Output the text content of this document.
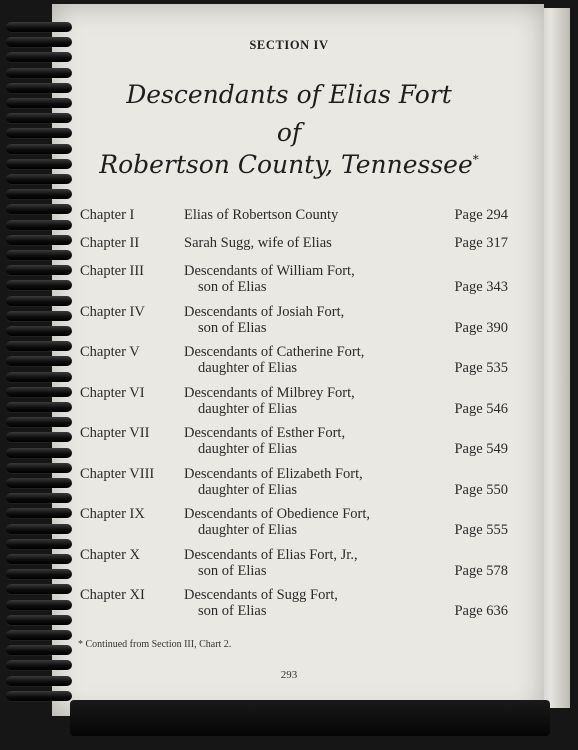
SECTION IV
Descendants of Elias Fort
of
Robertson County, Tennessee*
Chapter I	Elias of Robertson County	Page 294
Chapter II	Sarah Sugg, wife of Elias	Page 317
Chapter III	Descendants of William Fort,
son of Elias	Page 343
Chapter IV	Descendants of Josiah Fort,
son of Elias	Page 390
Chapter V	Descendants of Catherine Fort,
daughter of Elias	Page 535
Chapter VI	Descendants of Milbrey Fort,
daughter of Elias	Page 546
Chapter VII Descendants of Esther Fort,
daughter of Elias	Page 549
Chapter VIII Descendants of Elizabeth Fort,
daughter of Elias	Page 550
Chapter IX	Descendants of Obedience Fort,
daughter of Elias	Page 555
Chapter X	Descendants of Elias Fort, Jr.,
son of Elias	Page 578
Chapter XI	Descendants of Sugg Fort,
son of Elias	Page 636
* Continued from Section III, Chart 2.
293
